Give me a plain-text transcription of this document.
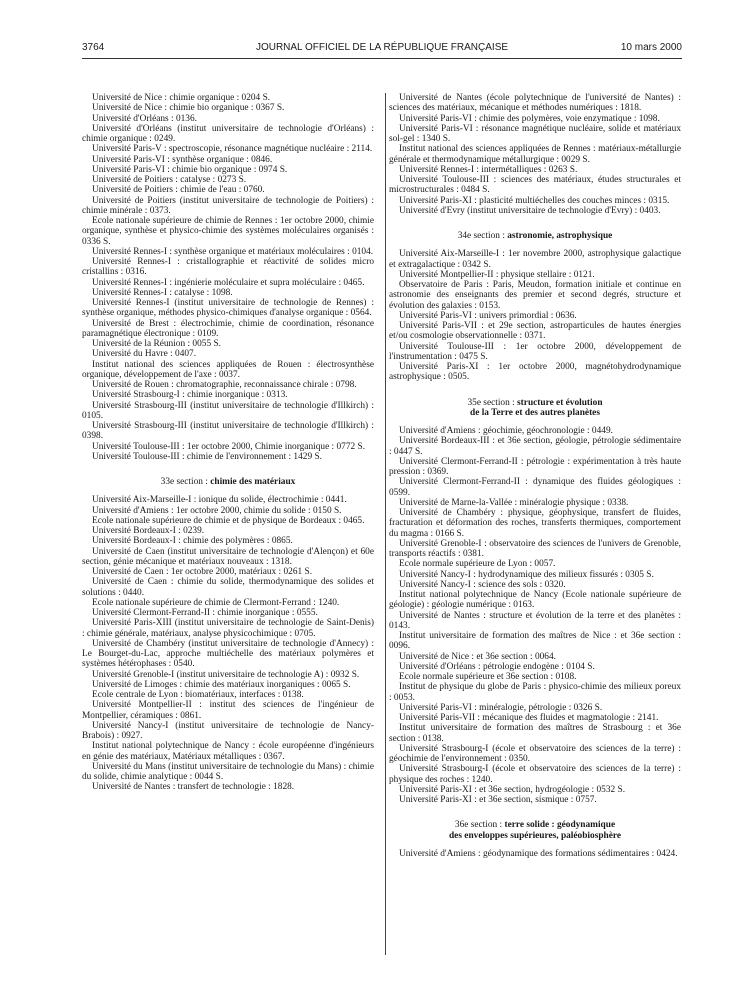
3764	JOURNAL OFFICIEL DE LA RÉPUBLIQUE FRANÇAISE	10 mars 2000

Université de Nice : chimie organique : 0204 S.

Université de Nice : chimie bio organique : 0367 S.

Université d'Orléans : 0136.

Université d'Orléans (institut universitaire de technologie d'Orléans) : chimie organique : 0249.

Université Paris-V : spectroscopie, résonance magnétique nucléaire : 2114.

Université Paris-VI : synthèse organique : 0846.

Université Paris-VI : chimie bio organique : 0974 S.

Université de Poitiers : catalyse : 0273 S.

Université de Poitiers : chimie de l'eau : 0760.

Université de Poitiers (institut universitaire de technologie de Poitiers) : chimie minérale : 0373.

Ecole nationale supérieure de chimie de Rennes : 1er octobre 2000, chimie organique, synthèse et physico-chimie des systèmes moléculaires organisés : 0336 S.

Université Rennes-I : synthèse organique et matériaux moléculaires : 0104.

Université Rennes-I : cristallographie et réactivité de solides micro cristallins : 0316.

Université Rennes-I : ingénierie moléculaire et supra moléculaire : 0465.

Université Rennes-I : catalyse : 1098.

Université Rennes-I (institut universitaire de technologie de Rennes) : synthèse organique, méthodes physico-chimiques d'analyse organique : 0564.

Université de Brest : électrochimie, chimie de coordination, résonance paramagnétique électronique : 0109.

Université de la Réunion : 0055 S.

Université du Havre : 0407.

Institut national des sciences appliquées de Rouen : électrosynthèse organique, développement de l'axe : 0037.

Université de Rouen : chromatographie, reconnaissance chirale : 0798.

Université Strasbourg-I : chimie inorganique : 0313.

Université Strasbourg-III (institut universitaire de technologie d'Illkirch) : 0105.

Université Strasbourg-III (institut universitaire de technologie d'Illkirch) : 0398.

Université Toulouse-III : 1er octobre 2000, Chimie inorganique : 0772 S.

Université Toulouse-III : chimie de l'environnement : 1429 S.

33e section : chimie des matériaux

Université Aix-Marseille-I : ionique du solide, électrochimie : 0441.

Université d'Amiens : 1er octobre 2000, chimie du solide : 0150 S.

Ecole nationale supérieure de chimie et de physique de Bordeaux : 0465.

Université Bordeaux-I : 0239.

Université Bordeaux-I : chimie des polymères : 0865.

Université de Caen (institut universitaire de technologie d'Alençon) et 60e section, génie mécanique et matériaux nouveaux : 1318.

Université de Caen : 1er octobre 2000, matériaux : 0261 S.

Université de Caen : chimie du solide, thermodynamique des solides et solutions : 0440.

Ecole nationale supérieure de chimie de Clermont-Ferrand : 1240.

Université Clermont-Ferrand-II : chimie inorganique : 0555.

Université Paris-XIII (institut universitaire de technologie de Saint-Denis) : chimie générale, matériaux, analyse physicochimique : 0705.

Université de Chambéry (institut universitaire de technologie d'Annecy) : Le Bourget-du-Lac, approche multiéchelle des matériaux polymères et systèmes hétérophases : 0540.

Université Grenoble-I (institut universitaire de technologie A) : 0932 S.

Université de Limoges : chimie des matériaux inorganiques : 0065 S.

Ecole centrale de Lyon : biomatériaux, interfaces : 0138.

Université Montpellier-II : institut des sciences de l'ingénieur de Montpellier, céramiques : 0861.

Université Nancy-I (institut universitaire de technologie de Nancy-Brabois) : 0927.

Institut national polytechnique de Nancy : école européenne d'ingénieurs en génie des matériaux, Matériaux métalliques : 0367.

Université du Mans (institut universitaire de technologie du Mans) : chimie du solide, chimie analytique : 0044 S.

Université de Nantes : transfert de technologie : 1828.

Université de Nantes (école polytechnique de l'université de Nantes) : sciences des matériaux, mécanique et méthodes numériques : 1818.

Université Paris-VI : chimie des polymères, voie enzymatique : 1098.

Université Paris-VI : résonance magnétique nucléaire, solide et matériaux sol-gel : 1340 S.

Institut national des sciences appliquées de Rennes : matériaux-métallurgie générale et thermodynamique métallurgique : 0029 S.

Université Rennes-I : intermétalliques : 0263 S.

Université Toulouse-III : sciences des matériaux, études structurales et microstructurales : 0484 S.

Université Paris-XI : plasticité multiéchelles des couches minces : 0315.

Université d'Evry (institut universitaire de technologie d'Evry) : 0403.

34e section : astronomie, astrophysique

Université Aix-Marseille-I : 1er novembre 2000, astrophysique galactique et extragalactique : 0342 S.

Université Montpellier-II : physique stellaire : 0121.

Observatoire de Paris : Paris, Meudon, formation initiale et continue en astronomie des enseignants des premier et second degrés, structure et évolution des galaxies : 0153.

Université Paris-VI : univers primordial : 0636.

Université Paris-VII : et 29e section, astroparticules de hautes énergies et/ou cosmologie observationnelle : 0371.

Université Toulouse-III : 1er octobre 2000, développement de l'instrumentation : 0475 S.

Université Paris-XI : 1er octobre 2000, magnétohydrodynamique astrophysique : 0505.

35e section : structure et évolution
de la Terre et des autres planètes

Université d'Amiens : géochimie, géochronologie : 0449.

Université Bordeaux-III : et 36e section, géologie, pétrologie sédimentaire : 0447 S.

Université Clermont-Ferrand-II : pétrologie : expérimentation à très haute pression : 0369.

Université Clermont-Ferrand-II : dynamique des fluides géologiques : 0599.

Université de Marne-la-Vallée : minéralogie physique : 0338.

Université de Chambéry : physique, géophysique, transfert de fluides, fracturation et déformation des roches, transferts thermiques, comportement du magma : 0166 S.

Université Grenoble-I : observatoire des sciences de l'univers de Grenoble, transports réactifs : 0381.

Ecole normale supérieure de Lyon : 0057.

Université Nancy-I : hydrodynamique des milieux fissurés : 0305 S.

Université Nancy-I : science des sols : 0320.

Institut national polytechnique de Nancy (Ecole nationale supérieure de géologie) : géologie numérique : 0163.

Université de Nantes : structure et évolution de la terre et des planètes : 0143.

Institut universitaire de formation des maîtres de Nice : et 36e section : 0096.

Université de Nice : et 36e section : 0064.

Université d'Orléans : pétrologie endogène : 0104 S.

Ecole normale supérieure et 36e section : 0108.

Institut de physique du globe de Paris : physico-chimie des milieux poreux : 0053.

Université Paris-VI : minéralogie, pétrologie : 0326 S.

Université Paris-VII : mécanique des fluides et magmatologie : 2141.

Institut universitaire de formation des maîtres de Strasbourg : et 36e section : 0138.

Université Strasbourg-I (école et observatoire des sciences de la terre) : géochimie de l'environnement : 0350.

Université Strasbourg-I (école et observatoire des sciences de la terre) : physique des roches : 1240.

Université Paris-XI : et 36e section, hydrogéologie : 0532 S.

Université Paris-XI : et 36e section, sismique : 0757.

36e section : terre solide : géodynamique
des enveloppes supérieures, paléobiosphère

Université d'Amiens : géodynamique des formations sédimentaires : 0424.
